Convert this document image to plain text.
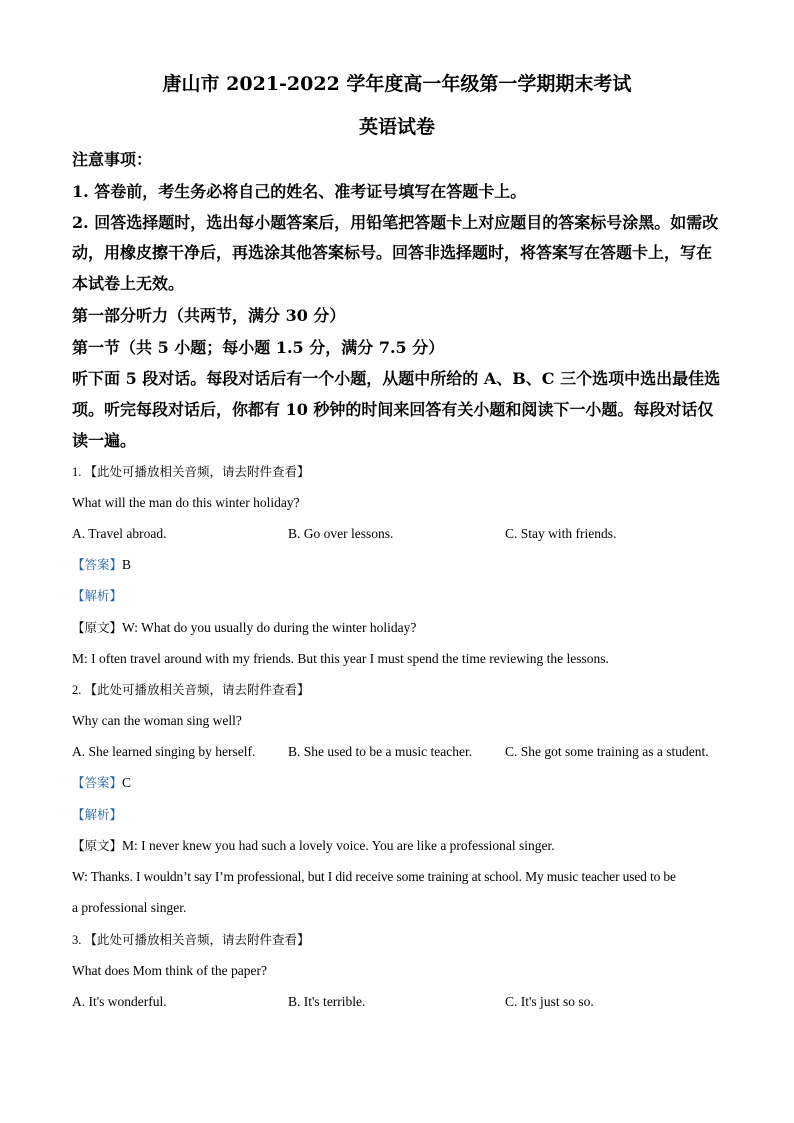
唐山市 2021-2022 学年度高一年级第一学期期末考试
英语试卷
注意事项：
1. 答卷前，考生务必将自己的姓名、准考证号填写在答题卡上。
2. 回答选择题时，选出每小题答案后，用铅笔把答题卡上对应题目的答案标号涂黑。如需改
动，用橡皮擦干净后，再选涂其他答案标号。回答非选择题时，将答案写在答题卡上，写在
本试卷上无效。
第一部分听力（共两节，满分 30 分）
第一节（共 5 小题；每小题 1.5 分，满分 7.5 分）
听下面 5 段对话。每段对话后有一个小题，从题中所给的 A、B、C 三个选项中选出最佳选
项。听完每段对话后，你都有 10 秒钟的时间来回答有关小题和阅读下一小题。每段对话仅
读一遍。
1. 【此处可播放相关音频，请去附件查看】
What will the man do this winter holiday?
A. Travel abroad.	B. Go over lessons.	C. Stay with friends.
【答案】B
【解析】
【原文】W: What do you usually do during the winter holiday?
M: I often travel around with my friends. But this year I must spend the time reviewing the lessons.
2. 【此处可播放相关音频，请去附件查看】
Why can the woman sing well?
A. She learned singing by herself. B. She used to be a music teacher. C. She got some training as a student.
【答案】C
【解析】
【原文】M: I never knew you had such a lovely voice. You are like a professional singer.
W: Thanks. I wouldn’t say I’m professional, but I did receive some training at school. My music teacher used to be
a professional singer.
3. 【此处可播放相关音频，请去附件查看】
What does Mom think of the paper?
A. It's wonderful.	B. It's terrible.	C. It's just so so.
